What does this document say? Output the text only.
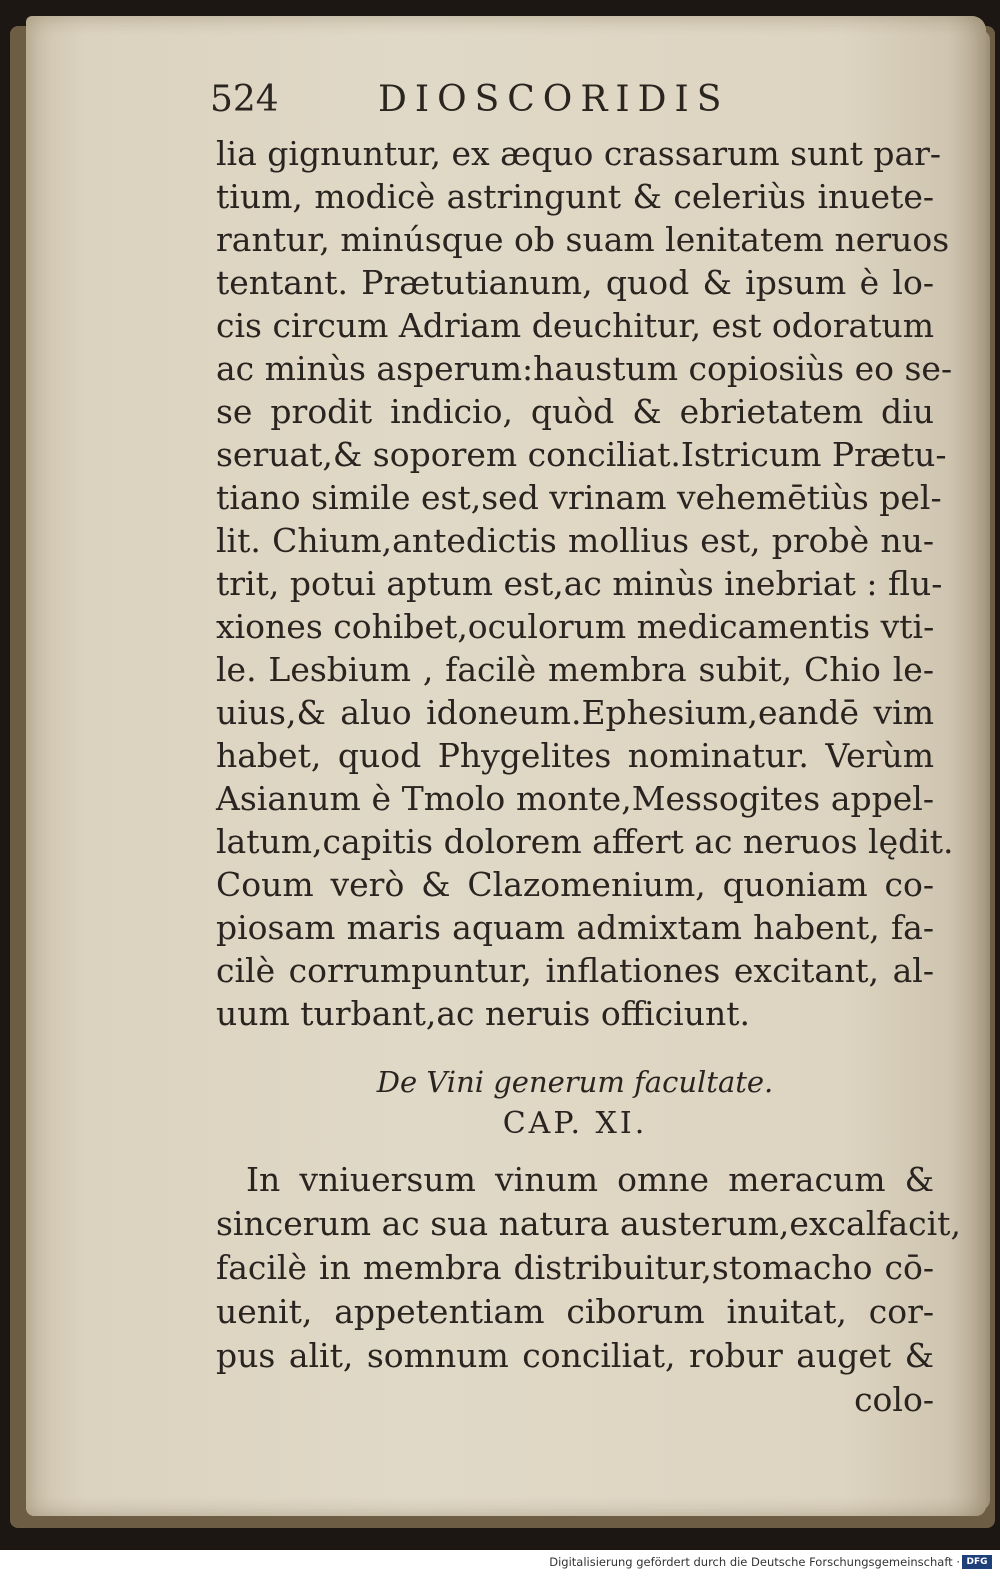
524	DIOSCORIDIS
lia gignuntur, ex æquo crassarum sunt par-
tium, modicè astringunt & celeriùs inuete-
rantur, minúsque ob suam lenitatem neruos
tentant. Prætutianum, quod & ipsum è lo-
cis circum Adriam deuchitur, est odoratum
ac minùs asperum:haustum copiosiùs eo se-
se prodit indicio, quòd & ebrietatem diu
seruat,& soporem conciliat.Istricum Prætu-
tiano simile est,sed vrinam vehemētiùs pel-
lit. Chium,antedictis mollius est, probè nu-
trit, potui aptum est,ac minùs inebriat : flu-
xiones cohibet,oculorum medicamentis vti-
le. Lesbium , facilè membra subit, Chio le-
uius,& aluo idoneum.Ephesium,eandē vim
habet, quod Phygelites nominatur. Verùm
Asianum è Tmolo monte,Messogites appel-
latum,capitis dolorem affert ac neruos lędit.
Coum verò & Clazomenium, quoniam co-
piosam maris aquam admixtam habent, fa-
cilè corrumpuntur, inflationes excitant, al-
uum turbant,ac neruis officiunt.
De Vini generum facultate.
CAP. XI.
In vniuersum vinum omne meracum &
sincerum ac sua natura austerum,excalfacit,
facilè in membra distribuitur,stomacho cō-
uenit, appetentiam ciborum inuitat, cor-
pus alit, somnum conciliat, robur auget &
colo-
Digitalisierung gefördert durch die Deutsche Forschungsgemeinschaft · DFG
